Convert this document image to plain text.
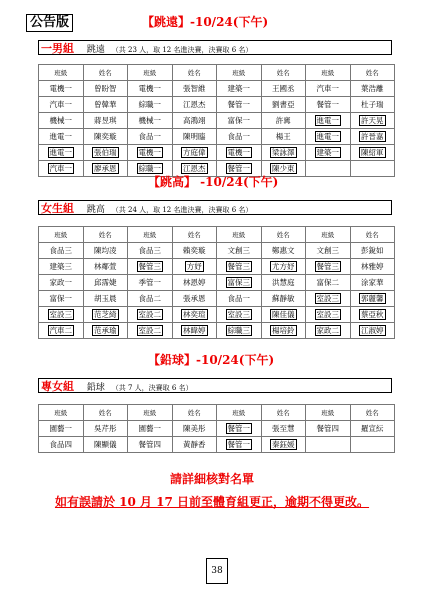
公告版	【跳遠】-10/24(下午)
一男組 跳遠 （共 23 人，取 12 名進決賽，決賽取 6 名）
班級	姓名	班級	姓名	班級	姓名	班級	姓名
電機一	曾盼智	電機一	張智維	建築一	王國丞	汽車一	葉浩離
汽車一	曾韓華	綜職一	江恩杰	餐管一	劉書亞	餐管一	杜子瑞
機械一	蔣昱琪	機械一	高鴻翊	富保一	許寗	進電一	許天晃
進電一	陳奕璇	食品一	陳明臨	食品一	楊王	進電一	許晉嘉
進電一	張伯瑞	電機一	方庭偉	電機一	梁詠澤	建築一	陳紹軍
汽車一	廖承恩	綜職一	江恩杰	餐管一	陳少東		
【跳高】 -10/24(下午)
女生組 跳高 （共 24 人，取 12 名進決賽，決賽取 6 名）
班級	姓名	班級	姓名	班級	姓名	班級	姓名
食品三	陳均凌	食品三	賴奕璇	文創三	鄭惠文	文創三	彭銳如
建築三	林鄰萱	餐管三	方妤	餐管三	尤方妤	餐管三	林雅婷
家政一	邱霈婕	季管一	林恩婷	富保三	洪慧庭	富保二	涂家華
富保一	胡玉晨	食品二	張承恩	食品一	蘇靜敏	室設三	郭麗馨
室設三	范芝綺	室設二	林奕瑄	室設三	陳佳儀	室設三	蔡亞秋
汽車二	范承瑜	室設二	林暐婷	綜職三	楊培鈴	家政二	江淑婷
【鉛球】-10/24(下午)
專女組 鉛球 （共 7 人，決賽取 6 名）
班級	姓名	班級	姓名	班級	姓名	班級	姓名
園藝一	吳芹彤	園藝一	陳美彤	餐管一	張至慧	餐管四	羅宣紜
食品四	陳顯儀	餐管四	黃靜香	餐管一	秦鈺媛		
請詳細核對名單
如有誤請於 10 月 17 日前至體育組更正，逾期不得更改。
38
